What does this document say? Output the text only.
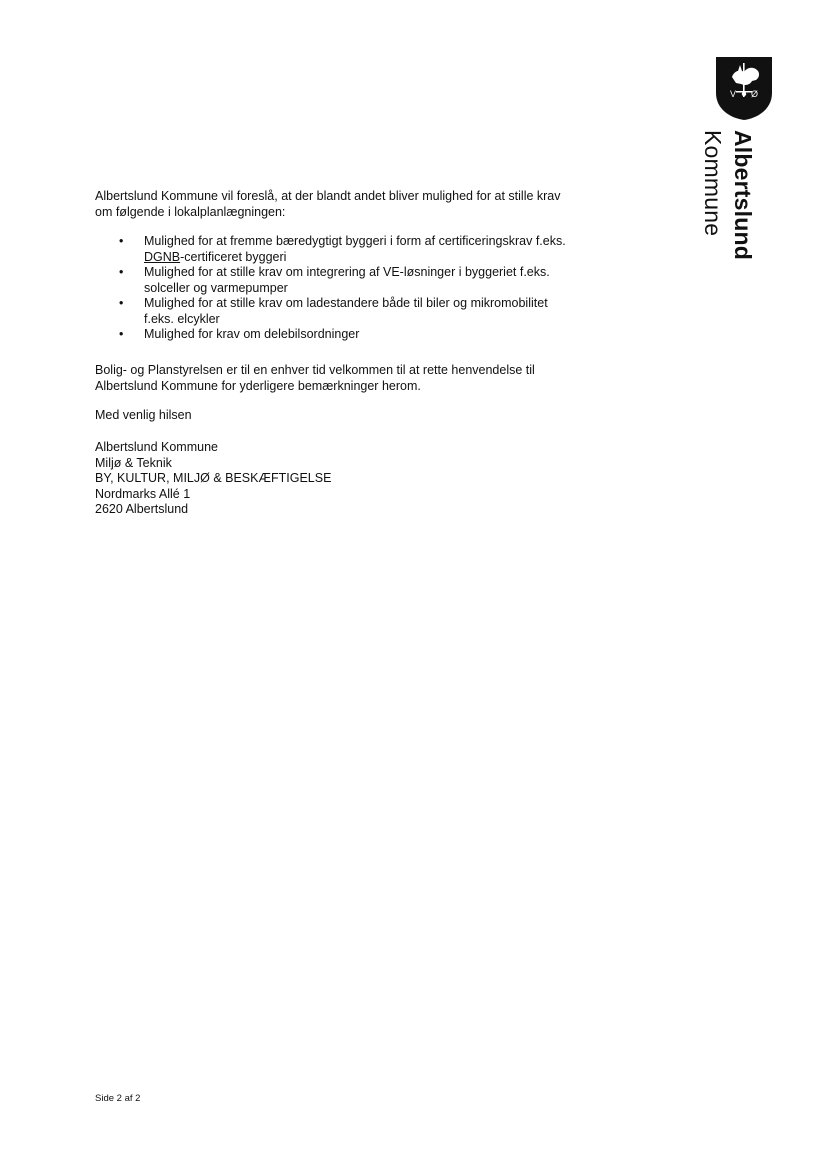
V Ø
Albertslund Kommune

Albertslund Kommune vil foreslå, at der blandt andet bliver mulighed for at stille krav om følgende i lokalplanlægningen:

• Mulighed for at fremme bæredygtigt byggeri i form af certificeringskrav f.eks. DGNB-certificeret byggeri
• Mulighed for at stille krav om integrering af VE-løsninger i byggeriet f.eks. solceller og varmepumper
• Mulighed for at stille krav om ladestandere både til biler og mikromobilitet f.eks. elcykler
• Mulighed for krav om delebilsordninger

Bolig- og Planstyrelsen er til en enhver tid velkommen til at rette henvendelse til Albertslund Kommune for yderligere bemærkninger herom.

Med venlig hilsen

Albertslund Kommune
Miljø & Teknik
BY, KULTUR, MILJØ & BESKÆFTIGELSE
Nordmarks Allé 1
2620 Albertslund
Side 2 af 2
